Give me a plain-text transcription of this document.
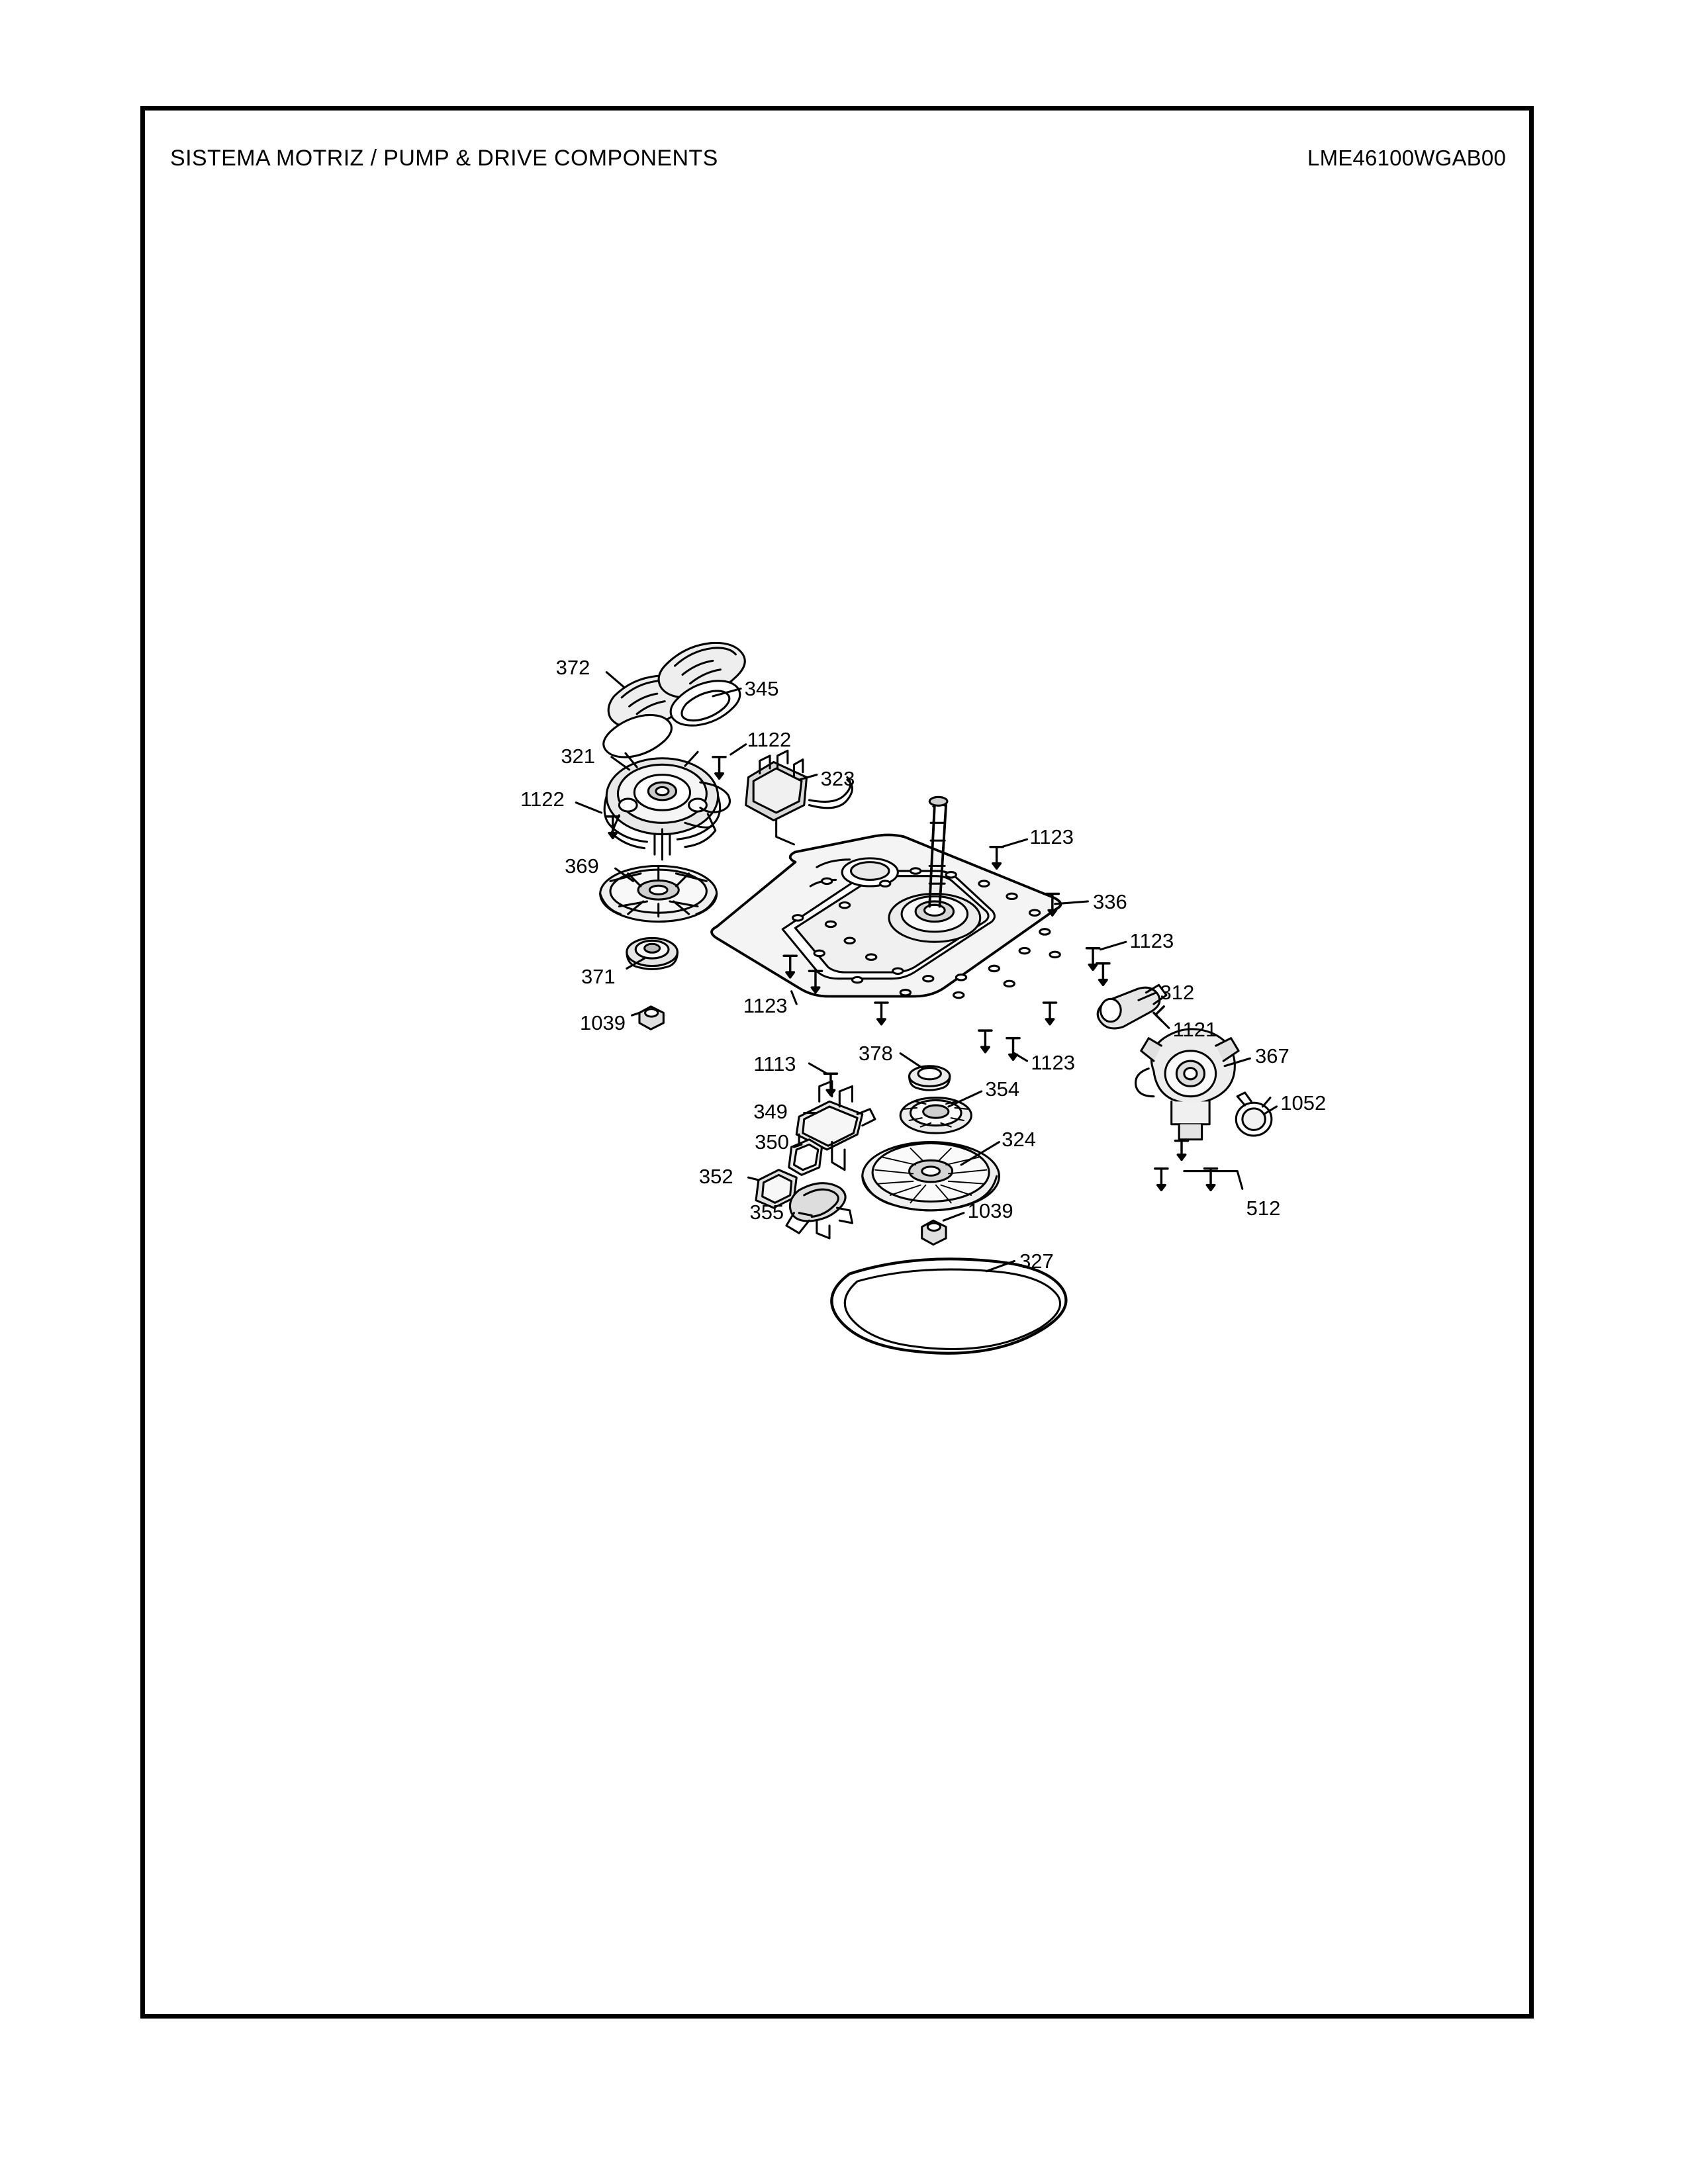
SISTEMA MOTRIZ / PUMP & DRIVE COMPONENTS	LME46100WGAB00
372
345
321
1122
323
1122
1123
369
336
1123
371
312
1039
1123
1121
1123	367
1113	378
354
1052
349
350	324
352
512
1039
355
327
